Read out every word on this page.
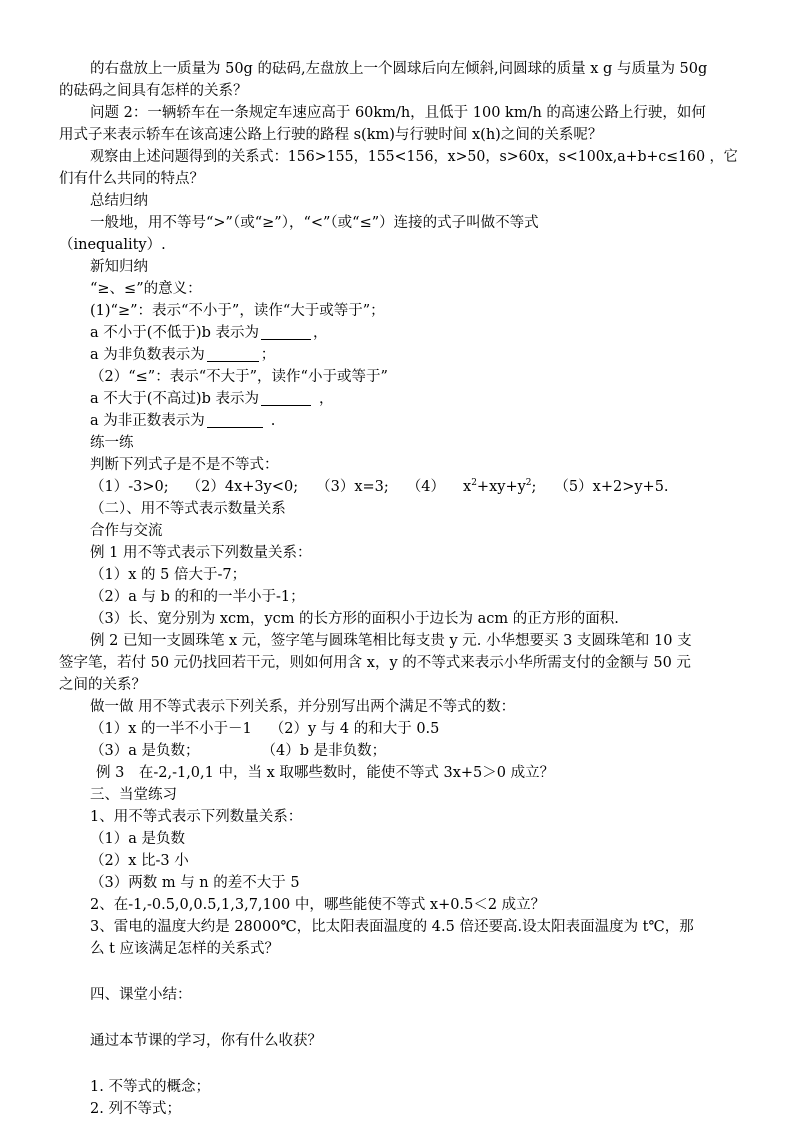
的右盘放上一质量为 50g 的砝码,左盘放上一个圆球后向左倾斜,问圆球的质量 x g 与质量为 50g
的砝码之间具有怎样的关系？
问题 2：一辆轿车在一条规定车速应高于 60km/h，且低于 100 km/h 的高速公路上行驶，如何
用式子来表示轿车在该高速公路上行驶的路程 s(km)与行驶时间 x(h)之间的关系呢？
观察由上述问题得到的关系式：156>155，155<156，x>50，s>60x，s<100x,a+b+c≤160 ，它
们有什么共同的特点？
总结归纳
一般地，用不等号“>”（或“≥”），“<”（或“≤”）连接的式子叫做不等式
（inequality）.
新知归纳
“≥、≤”的意义：
(1)“≥”：表示“不小于”，读作“大于或等于”；
a 不小于(不低于)b 表示为	，
a 为非负数表示为	；
（2）“≤”：表示“不大于”，读作“小于或等于”
a 不大于(不高过)b 表示为	，
a 为非正数表示为	.
练一练
判断下列式子是不是不等式：
（1）-3>0; （2）4x+3y<0; （3）x=3; （4） $x^2+xy+y^2$; （5）x+2>y+5.
（二）、用不等式表示数量关系
合作与交流
例 1 用不等式表示下列数量关系：
（1）x 的 5 倍大于-7；
（2）a 与 b 的和的一半小于-1；
（3）长、宽分别为 xcm，ycm 的长方形的面积小于边长为 acm 的正方形的面积.
例 2 已知一支圆珠笔 x 元，签字笔与圆珠笔相比每支贵 y 元. 小华想要买 3 支圆珠笔和 10 支
签字笔，若付 50 元仍找回若干元，则如何用含 x，y 的不等式来表示小华所需支付的金额与 50 元
之间的关系？
做一做 用不等式表示下列关系，并分别写出两个满足不等式的数：
（1）x 的一半不小于－1 （2）y 与 4 的和大于 0.5
（3）a 是负数；	（4）b 是非负数；
例 3　在-2,-1,0,1 中，当 x 取哪些数时，能使不等式 3x+5＞0 成立？
三、当堂练习
1、用不等式表示下列数量关系：
（1）a 是负数
（2）x 比-3 小
（3）两数 m 与 n 的差不大于 5
2、在-1,-0.5,0,0.5,1,3,7,100 中，哪些能使不等式 x+0.5＜2 成立？
3、雷电的温度大约是 28000℃，比太阳表面温度的 4.5 倍还要高.设太阳表面温度为 t℃，那
么 t 应该满足怎样的关系式？
四、课堂小结：
通过本节课的学习，你有什么收获？
1. 不等式的概念；
2. 列不等式；
